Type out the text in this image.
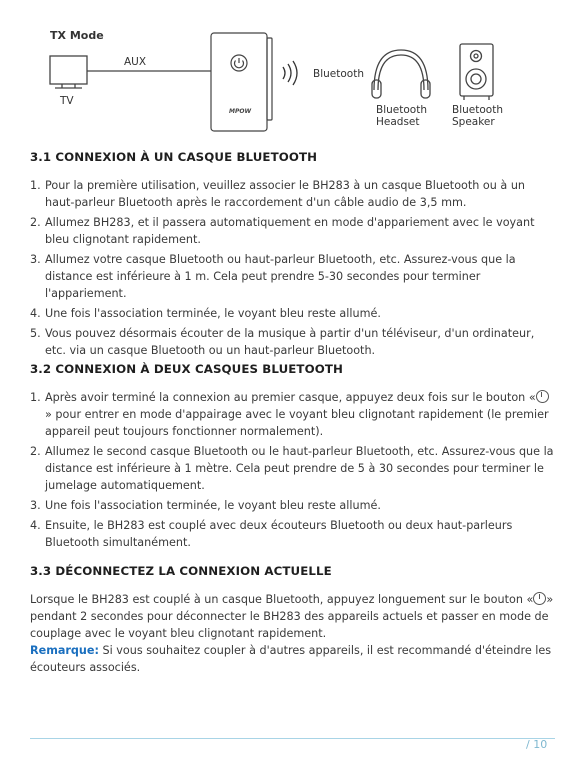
TX Mode
AUX
TV
Bluetooth
Bluetooth
Headset
Bluetooth
Speaker
MPOW
3.1 CONNEXION À UN CASQUE BLUETOOTH
1. Pour la première utilisation, veuillez associer le BH283 à un casque Bluetooth ou à un haut-parleur Bluetooth après le raccordement d'un câble audio de 3,5 mm.
2. Allumez BH283, et il passera automatiquement en mode d'appariement avec le voyant bleu clignotant rapidement.
3. Allumez votre casque Bluetooth ou haut-parleur Bluetooth, etc. Assurez-vous que la distance est inférieure à 1 m. Cela peut prendre 5-30 secondes pour terminer l'appariement.
4. Une fois l'association terminée, le voyant bleu reste allumé.
5. Vous pouvez désormais écouter de la musique à partir d'un téléviseur, d'un ordinateur, etc. via un casque Bluetooth ou un haut-parleur Bluetooth.
3.2 CONNEXION À DEUX CASQUES BLUETOOTH
1. Après avoir terminé la connexion au premier casque, appuyez deux fois sur le bouton «» pour entrer en mode d'appairage avec le voyant bleu clignotant rapidement (le premier appareil peut toujours fonctionner normalement).
2. Allumez le second casque Bluetooth ou le haut-parleur Bluetooth, etc. Assurez-vous que la distance est inférieure à 1 mètre. Cela peut prendre de 5 à 30 secondes pour terminer le jumelage automatiquement.
3. Une fois l'association terminée, le voyant bleu reste allumé.
4. Ensuite, le BH283 est couplé avec deux écouteurs Bluetooth ou deux haut-parleurs Bluetooth simultanément.
3.3 DÉCONNECTEZ LA CONNEXION ACTUELLE
Lorsque le BH283 est couplé à un casque Bluetooth, appuyez longuement sur le bouton « » pendant 2 secondes pour déconnecter le BH283 des appareils actuels et passer en mode de couplage avec le voyant bleu clignotant rapidement.
Remarque: Si vous souhaitez coupler à d'autres appareils, il est recommandé d'éteindre les écouteurs associés.
/ 10
